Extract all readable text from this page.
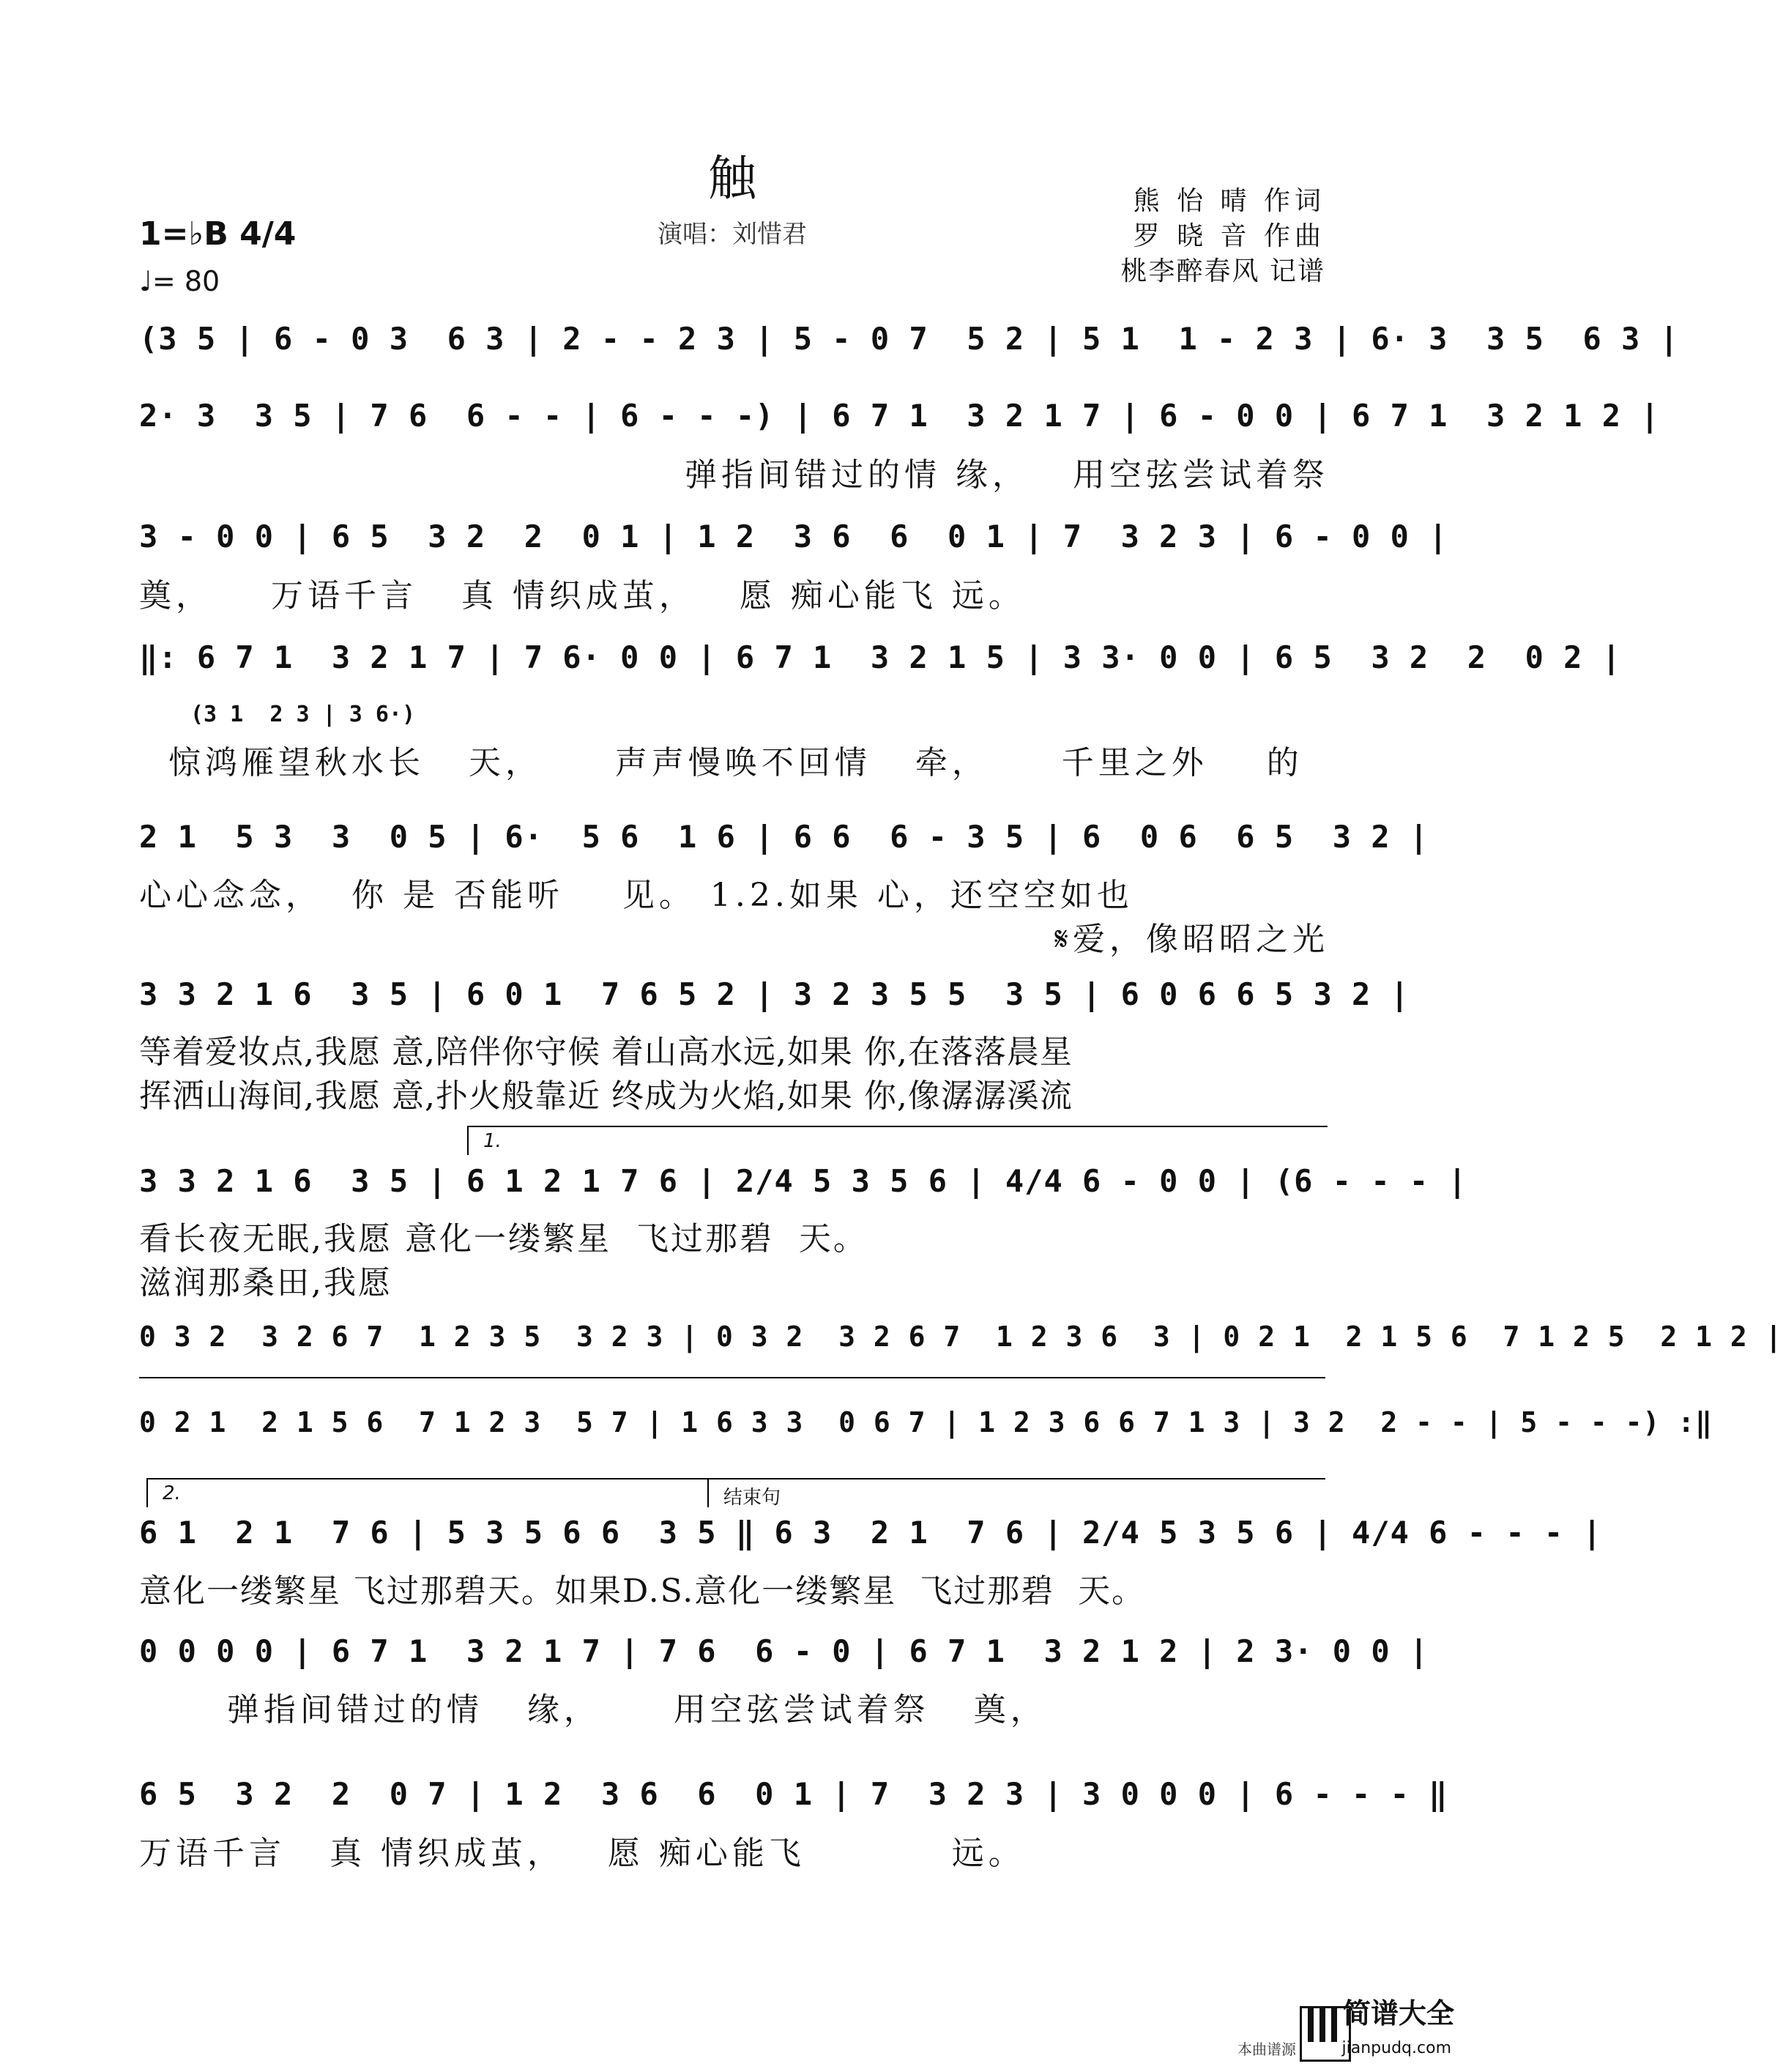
触
演唱：刘惜君
熊 怡 晴 作词
罗 晓 音 作曲
桃李醉春风 记谱
1=♭B 4/4
♩= 80
(3 5 | 6 - 0 3  6 3 | 2 - - 2 3 | 5 - 0 7  5 2 | 5 1  1 - 2 3 | 6· 3  3 5  6 3 |
2· 3  3 5 | 7 6  6 - - | 6 - - -) | 6 7 1  3 2 1 7 | 6 - 0 0 | 6 7 1  3 2 1 2 |
弹指间错过的情 缘，   用空弦尝试着祭
3 - 0 0 | 6 5  3 2  2  0 1 | 1 2  3 6  6  0 1 | 7  3 2 3 | 6 - 0 0 |
奠，    万语千言   真 情织成茧，   愿 痴心能飞 远。
‖: 6 7 1  3 2 1 7 | 7 6· 0 0 | 6 7 1  3 2 1 5 | 3 3· 0 0 | 6 5  3 2  2  0 2 |
(3 1  2 3 | 3 6·)
惊鸿雁望秋水长   天，     声声慢唤不回情   牵，     千里之外    的
2 1  5 3  3  0 5 | 6·  5 6  1 6 | 6 6  6 - 3 5 | 6  0 6  6 5  3 2 |
心心念念，  你 是 否能听    见。 1.2.如果 心，还空空如也
𝄋爱，像昭昭之光
3 3 2 1 6  3 5 | 6 0 1  7 6 5 2 | 3 2 3 5 5  3 5 | 6 0 6 6 5 3 2 |
等着爱妆点,我愿 意,陪伴你守候 着山高水远,如果 你,在落落晨星
挥洒山海间,我愿 意,扑火般靠近 终成为火焰,如果 你,像潺潺溪流
1.
3 3 2 1 6  3 5 | 6 1 2 1 7 6 | 2/4 5 3 5 6 | 4/4 6 - 0 0 | (6 - - - |
看长夜无眠,我愿 意化一缕繁星  飞过那碧  天。
滋润那桑田,我愿
0 3 2  3 2 6 7  1 2 3 5  3 2 3 | 0 3 2  3 2 6 7  1 2 3 6  3 | 0 2 1  2 1 5 6  7 1 2 5  2 1 2 |
0 2 1  2 1 5 6  7 1 2 3  5 7 | 1 6 3 3  0 6 7 | 1 2 3 6 6 7 1 3 | 3 2  2 - - | 5 - - -) :‖
2.	结束句
6 1  2 1  7 6 | 5 3 5 6 6  3 5 ‖ 6 3  2 1  7 6 | 2/4 5 3 5 6 | 4/4 6 - - - |
意化一缕繁星 飞过那碧天。如果D.S.意化一缕繁星  飞过那碧  天。
0 0 0 0 | 6 7 1  3 2 1 7 | 7 6  6 - 0 | 6 7 1  3 2 1 2 | 2 3· 0 0 |
弹指间错过的情   缘，     用空弦尝试着祭   奠，
6 5  3 2  2  0 7 | 1 2  3 6  6  0 1 | 7  3 2 3 | 3 0 0 0 | 6 - - - ‖
万语千言   真 情织成茧，   愿 痴心能飞          远。
本曲谱源
简谱大全
jianpudq.com
